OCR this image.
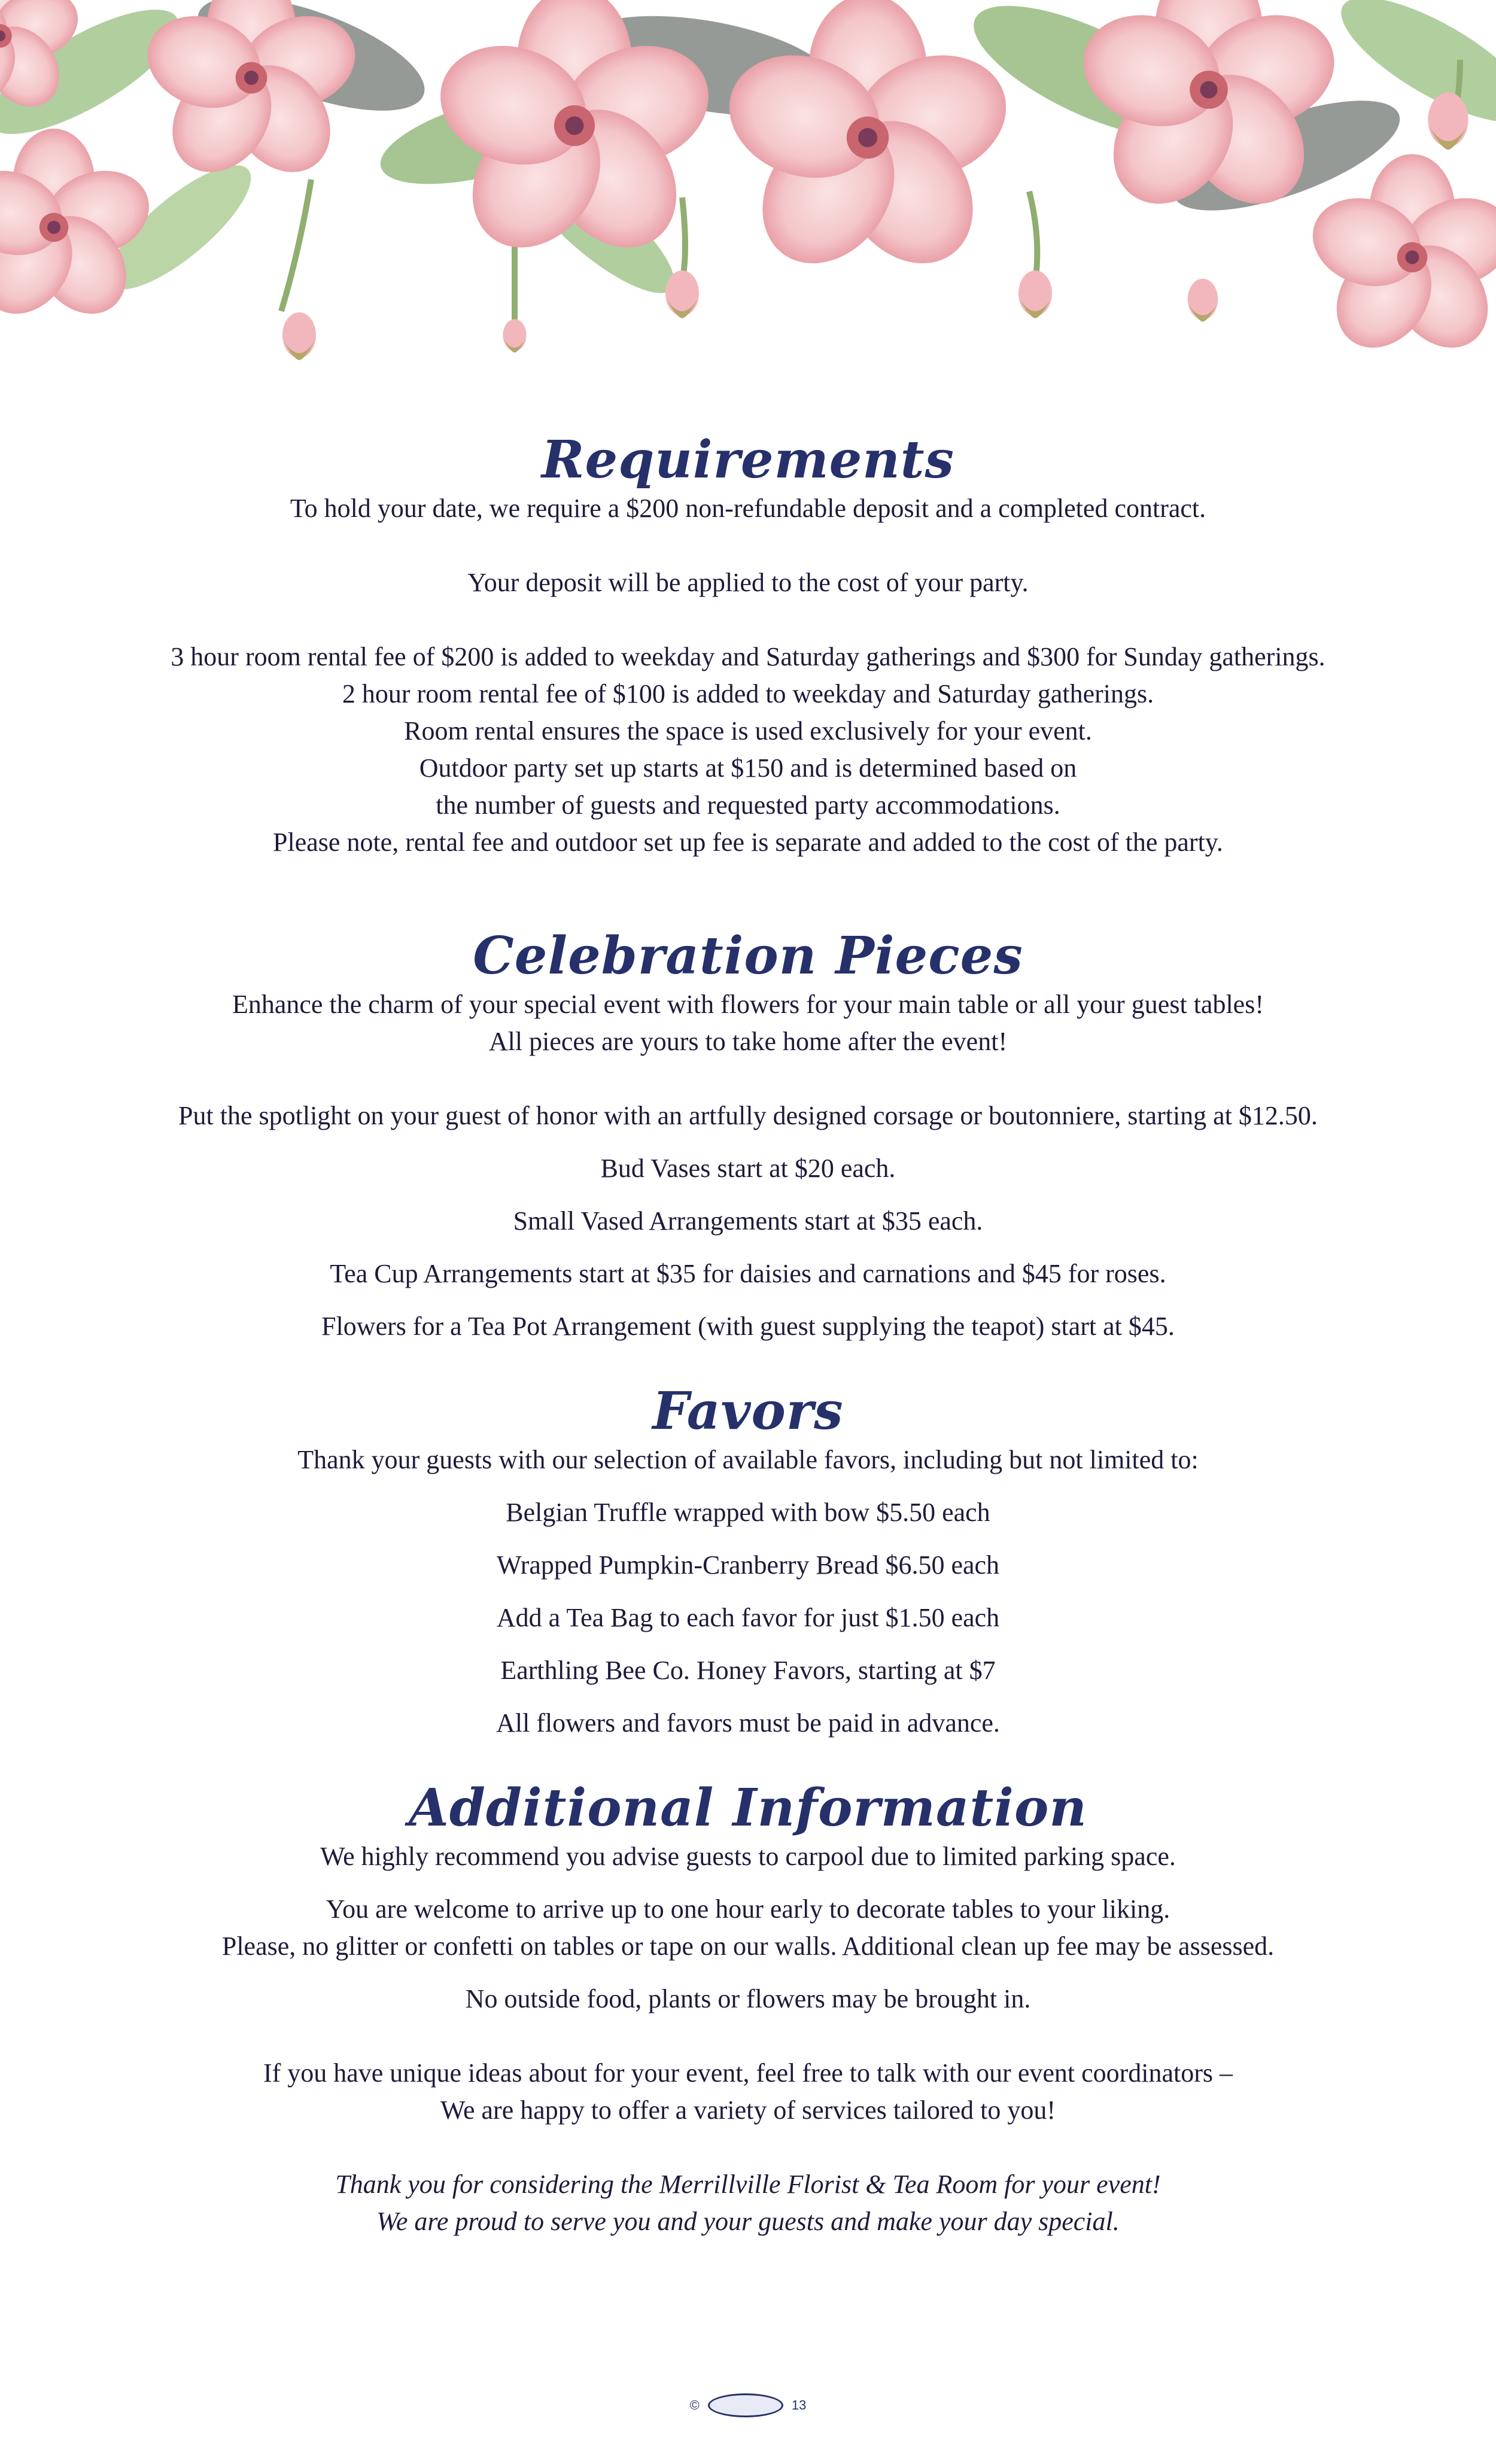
Requirements

To hold your date, we require a $200 non-refundable deposit and a completed contract.

Your deposit will be applied to the cost of your party.

3 hour room rental fee of $200 is added to weekday and Saturday gatherings and $300 for Sunday gatherings.

2 hour room rental fee of $100 is added to weekday and Saturday gatherings.

Room rental ensures the space is used exclusively for your event.

Outdoor party set up starts at $150 and is determined based on

the number of guests and requested party accommodations.

Please note, rental fee and outdoor set up fee is separate and added to the cost of the party.

Celebration Pieces

Enhance the charm of your special event with flowers for your main table or all your guest tables!

All pieces are yours to take home after the event!

Put the spotlight on your guest of honor with an artfully designed corsage or boutonniere, starting at $12.50.

Bud Vases start at $20 each.

Small Vased Arrangements start at $35 each.

Tea Cup Arrangements start at $35 for daisies and carnations and $45 for roses.

Flowers for a Tea Pot Arrangement (with guest supplying the teapot) start at $45.

Favors

Thank your guests with our selection of available favors, including but not limited to:

Belgian Truffle wrapped with bow $5.50 each

Wrapped Pumpkin-Cranberry Bread $6.50 each

Add a Tea Bag to each favor for just $1.50 each

Earthling Bee Co. Honey Favors, starting at $7

All flowers and favors must be paid in advance.

Additional Information

We highly recommend you advise guests to carpool due to limited parking space.

You are welcome to arrive up to one hour early to decorate tables to your liking.

Please, no glitter or confetti on tables or tape on our walls. Additional clean up fee may be assessed.

No outside food, plants or flowers may be brought in.

If you have unique ideas about for your event, feel free to talk with our event coordinators –

We are happy to offer a variety of services tailored to you!

Thank you for considering the Merrillville Florist & Tea Room for your event!

We are proud to serve you and your guests and make your day special.

©	13
